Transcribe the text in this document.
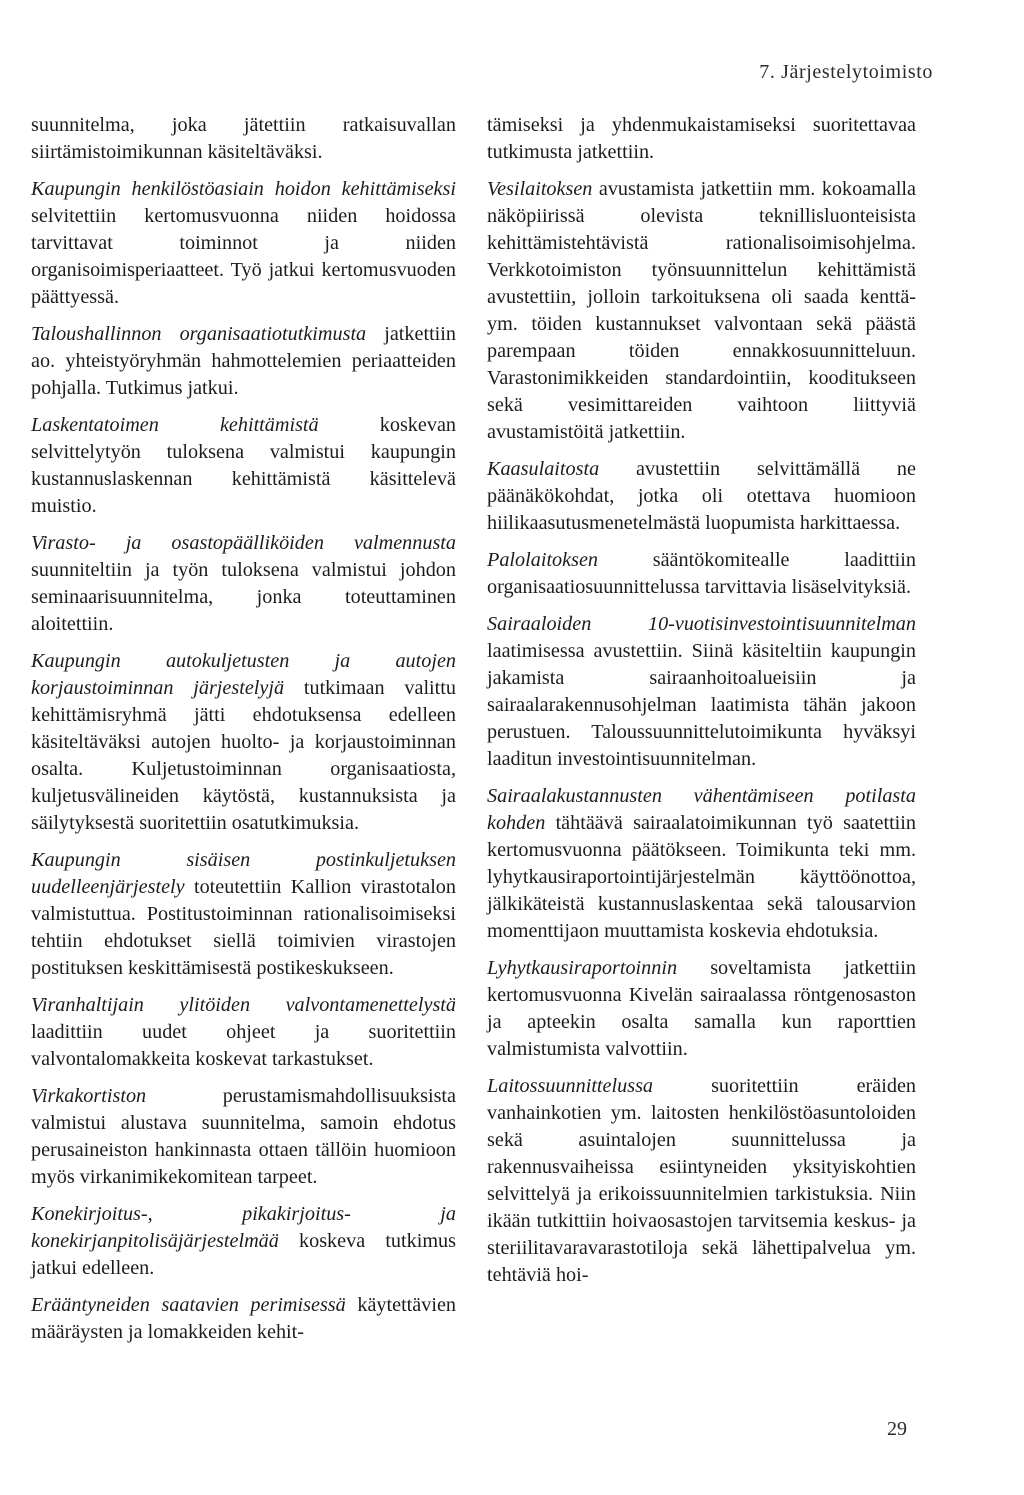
7. Järjestelytoimisto

suunnitelma, joka jätettiin ratkaisuvallan siirtämistoimikunnan käsiteltäväksi.

Kaupungin henkilöstöasiain hoidon kehittämiseksi selvitettiin kertomusvuonna niiden hoidossa tarvittavat toiminnot ja niiden organisoimisperiaatteet. Työ jatkui kertomusvuoden päättyessä.

Taloushallinnon organisaatiotutkimusta jatkettiin ao. yhteistyöryhmän hahmottelemien periaatteiden pohjalla. Tutkimus jatkui.

Laskentatoimen kehittämistä koskevan selvittelytyön tuloksena valmistui kaupungin kustannuslaskennan kehittämistä käsittelevä muistio.

Virasto- ja osastopäälliköiden valmennusta suunniteltiin ja työn tuloksena valmistui johdon seminaarisuunnitelma, jonka toteuttaminen aloitettiin.

Kaupungin autokuljetusten ja autojen korjaustoiminnan järjestelyjä tutkimaan valittu kehittämisryhmä jätti ehdotuksensa edelleen käsiteltäväksi autojen huolto- ja korjaustoiminnan osalta. Kuljetustoiminnan organisaatiosta, kuljetusvälineiden käytöstä, kustannuksista ja säilytyksestä suoritettiin osatutkimuksia.

Kaupungin sisäisen postinkuljetuksen uudelleenjärjestely toteutettiin Kallion virastotalon valmistuttua. Postitustoiminnan rationalisoimiseksi tehtiin ehdotukset siellä toimivien virastojen postituksen keskittämisestä postikeskukseen.

Viranhaltijain ylitöiden valvontamenettelystä laadittiin uudet ohjeet ja suoritettiin valvontalomakkeita koskevat tarkastukset.

Virkakortiston perustamismahdollisuuksista valmistui alustava suunnitelma, samoin ehdotus perusaineiston hankinnasta ottaen tällöin huomioon myös virkanimikekomitean tarpeet.

Konekirjoitus-, pikakirjoitus- ja konekirjanpitolisäjärjestelmää koskeva tutkimus jatkui edelleen.

Erääntyneiden saatavien perimisessä käytettävien määräysten ja lomakkeiden kehit-

tämiseksi ja yhdenmukaistamiseksi suoritettavaa tutkimusta jatkettiin.

Vesilaitoksen avustamista jatkettiin mm. kokoamalla näköpiirissä olevista teknillisluonteisista kehittämistehtävistä rationalisoimisohjelma. Verkkotoimiston työnsuunnittelun kehittämistä avustettiin, jolloin tarkoituksena oli saada kenttä- ym. töiden kustannukset valvontaan sekä päästä parempaan töiden ennakkosuunnitteluun. Varastonimikkeiden standardointiin, kooditukseen sekä vesimittareiden vaihtoon liittyviä avustamistöitä jatkettiin.

Kaasulaitosta avustettiin selvittämällä ne päänäkökohdat, jotka oli otettava huomioon hiilikaasutusmenetelmästä luopumista harkittaessa.

Palolaitoksen sääntökomitealle laadittiin organisaatiosuunnittelussa tarvittavia lisäselvityksiä.

Sairaaloiden 10-vuotisinvestointisuunnitelman laatimisessa avustettiin. Siinä käsiteltiin kaupungin jakamista sairaanhoitoalueisiin ja sairaalarakennusohjelman laatimista tähän jakoon perustuen. Taloussuunnittelutoimikunta hyväksyi laaditun investointisuunnitelman.

Sairaalakustannusten vähentämiseen potilasta kohden tähtäävä sairaalatoimikunnan työ saatettiin kertomusvuonna päätökseen. Toimikunta teki mm. lyhytkausiraportointijärjestelmän käyttöönottoa, jälkikäteistä kustannuslaskentaa sekä talousarvion momenttijaon muuttamista koskevia ehdotuksia.

Lyhytkausiraportoinnin soveltamista jatkettiin kertomusvuonna Kivelän sairaalassa röntgenosaston ja apteekin osalta samalla kun raporttien valmistumista valvottiin.

Laitossuunnittelussa suoritettiin eräiden vanhainkotien ym. laitosten henkilöstöasuntoloiden sekä asuintalojen suunnittelussa ja rakennusvaiheissa esiintyneiden yksityiskohtien selvittelyä ja erikoissuunnitelmien tarkistuksia. Niin ikään tutkittiin hoivaosastojen tarvitsemia keskus- ja steriilitavaravarastotiloja sekä lähettipalvelua ym. tehtäviä hoi-

29
